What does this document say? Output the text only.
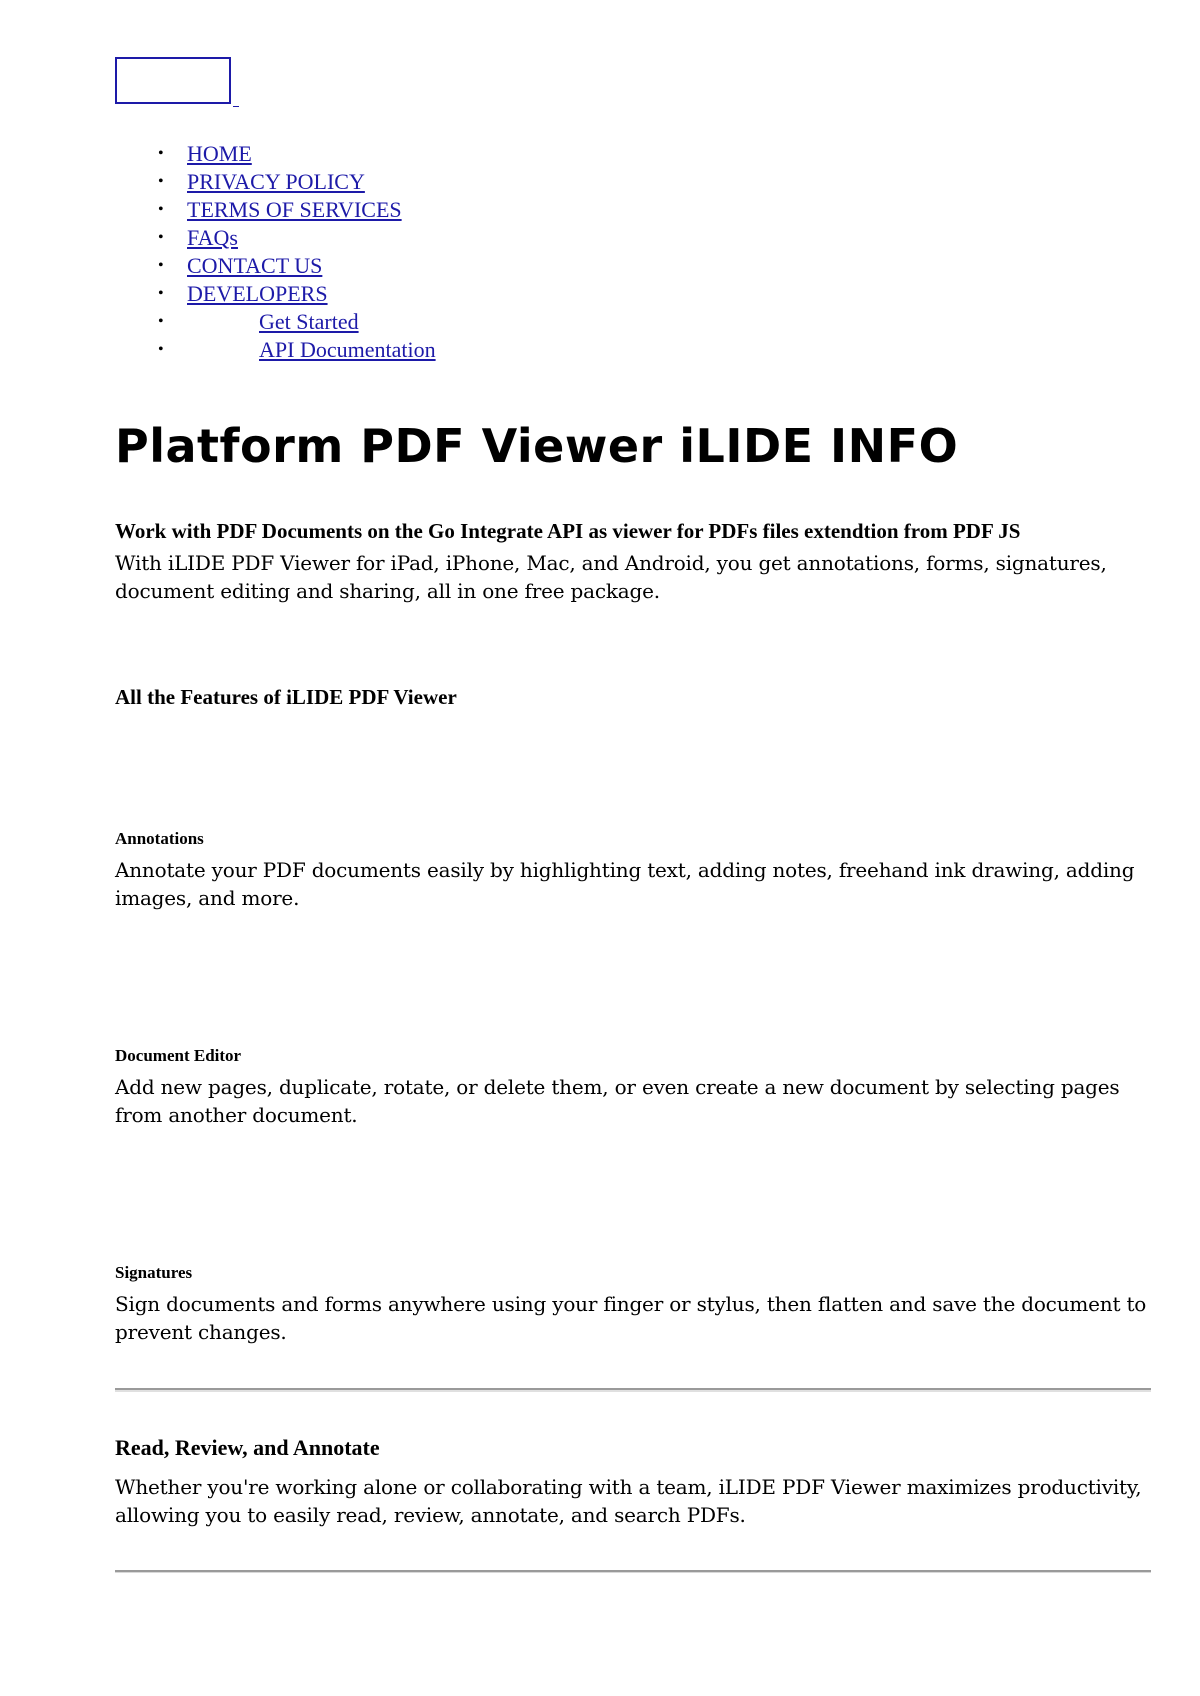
• HOME
• PRIVACY POLICY
• TERMS OF SERVICES
• FAQs
• CONTACT US
• DEVELOPERS
• Get Started
• API Documentation
Platform PDF Viewer iLIDE INFO

Work with PDF Documents on the Go Integrate API as viewer for PDFs files extendtion from PDF JS

With iLIDE PDF Viewer for iPad, iPhone, Mac, and Android, you get annotations, forms, signatures, document editing and sharing, all in one free package.

All the Features of iLIDE PDF Viewer

Annotations

Annotate your PDF documents easily by highlighting text, adding notes, freehand ink drawing, adding images, and more.

Document Editor

Add new pages, duplicate, rotate, or delete them, or even create a new document by selecting pages from another document.

Signatures

Sign documents and forms anywhere using your finger or stylus, then flatten and save the document to prevent changes.

Read, Review, and Annotate

Whether you're working alone or collaborating with a team, iLIDE PDF Viewer maximizes productivity, allowing you to easily read, review, annotate, and search PDFs.
